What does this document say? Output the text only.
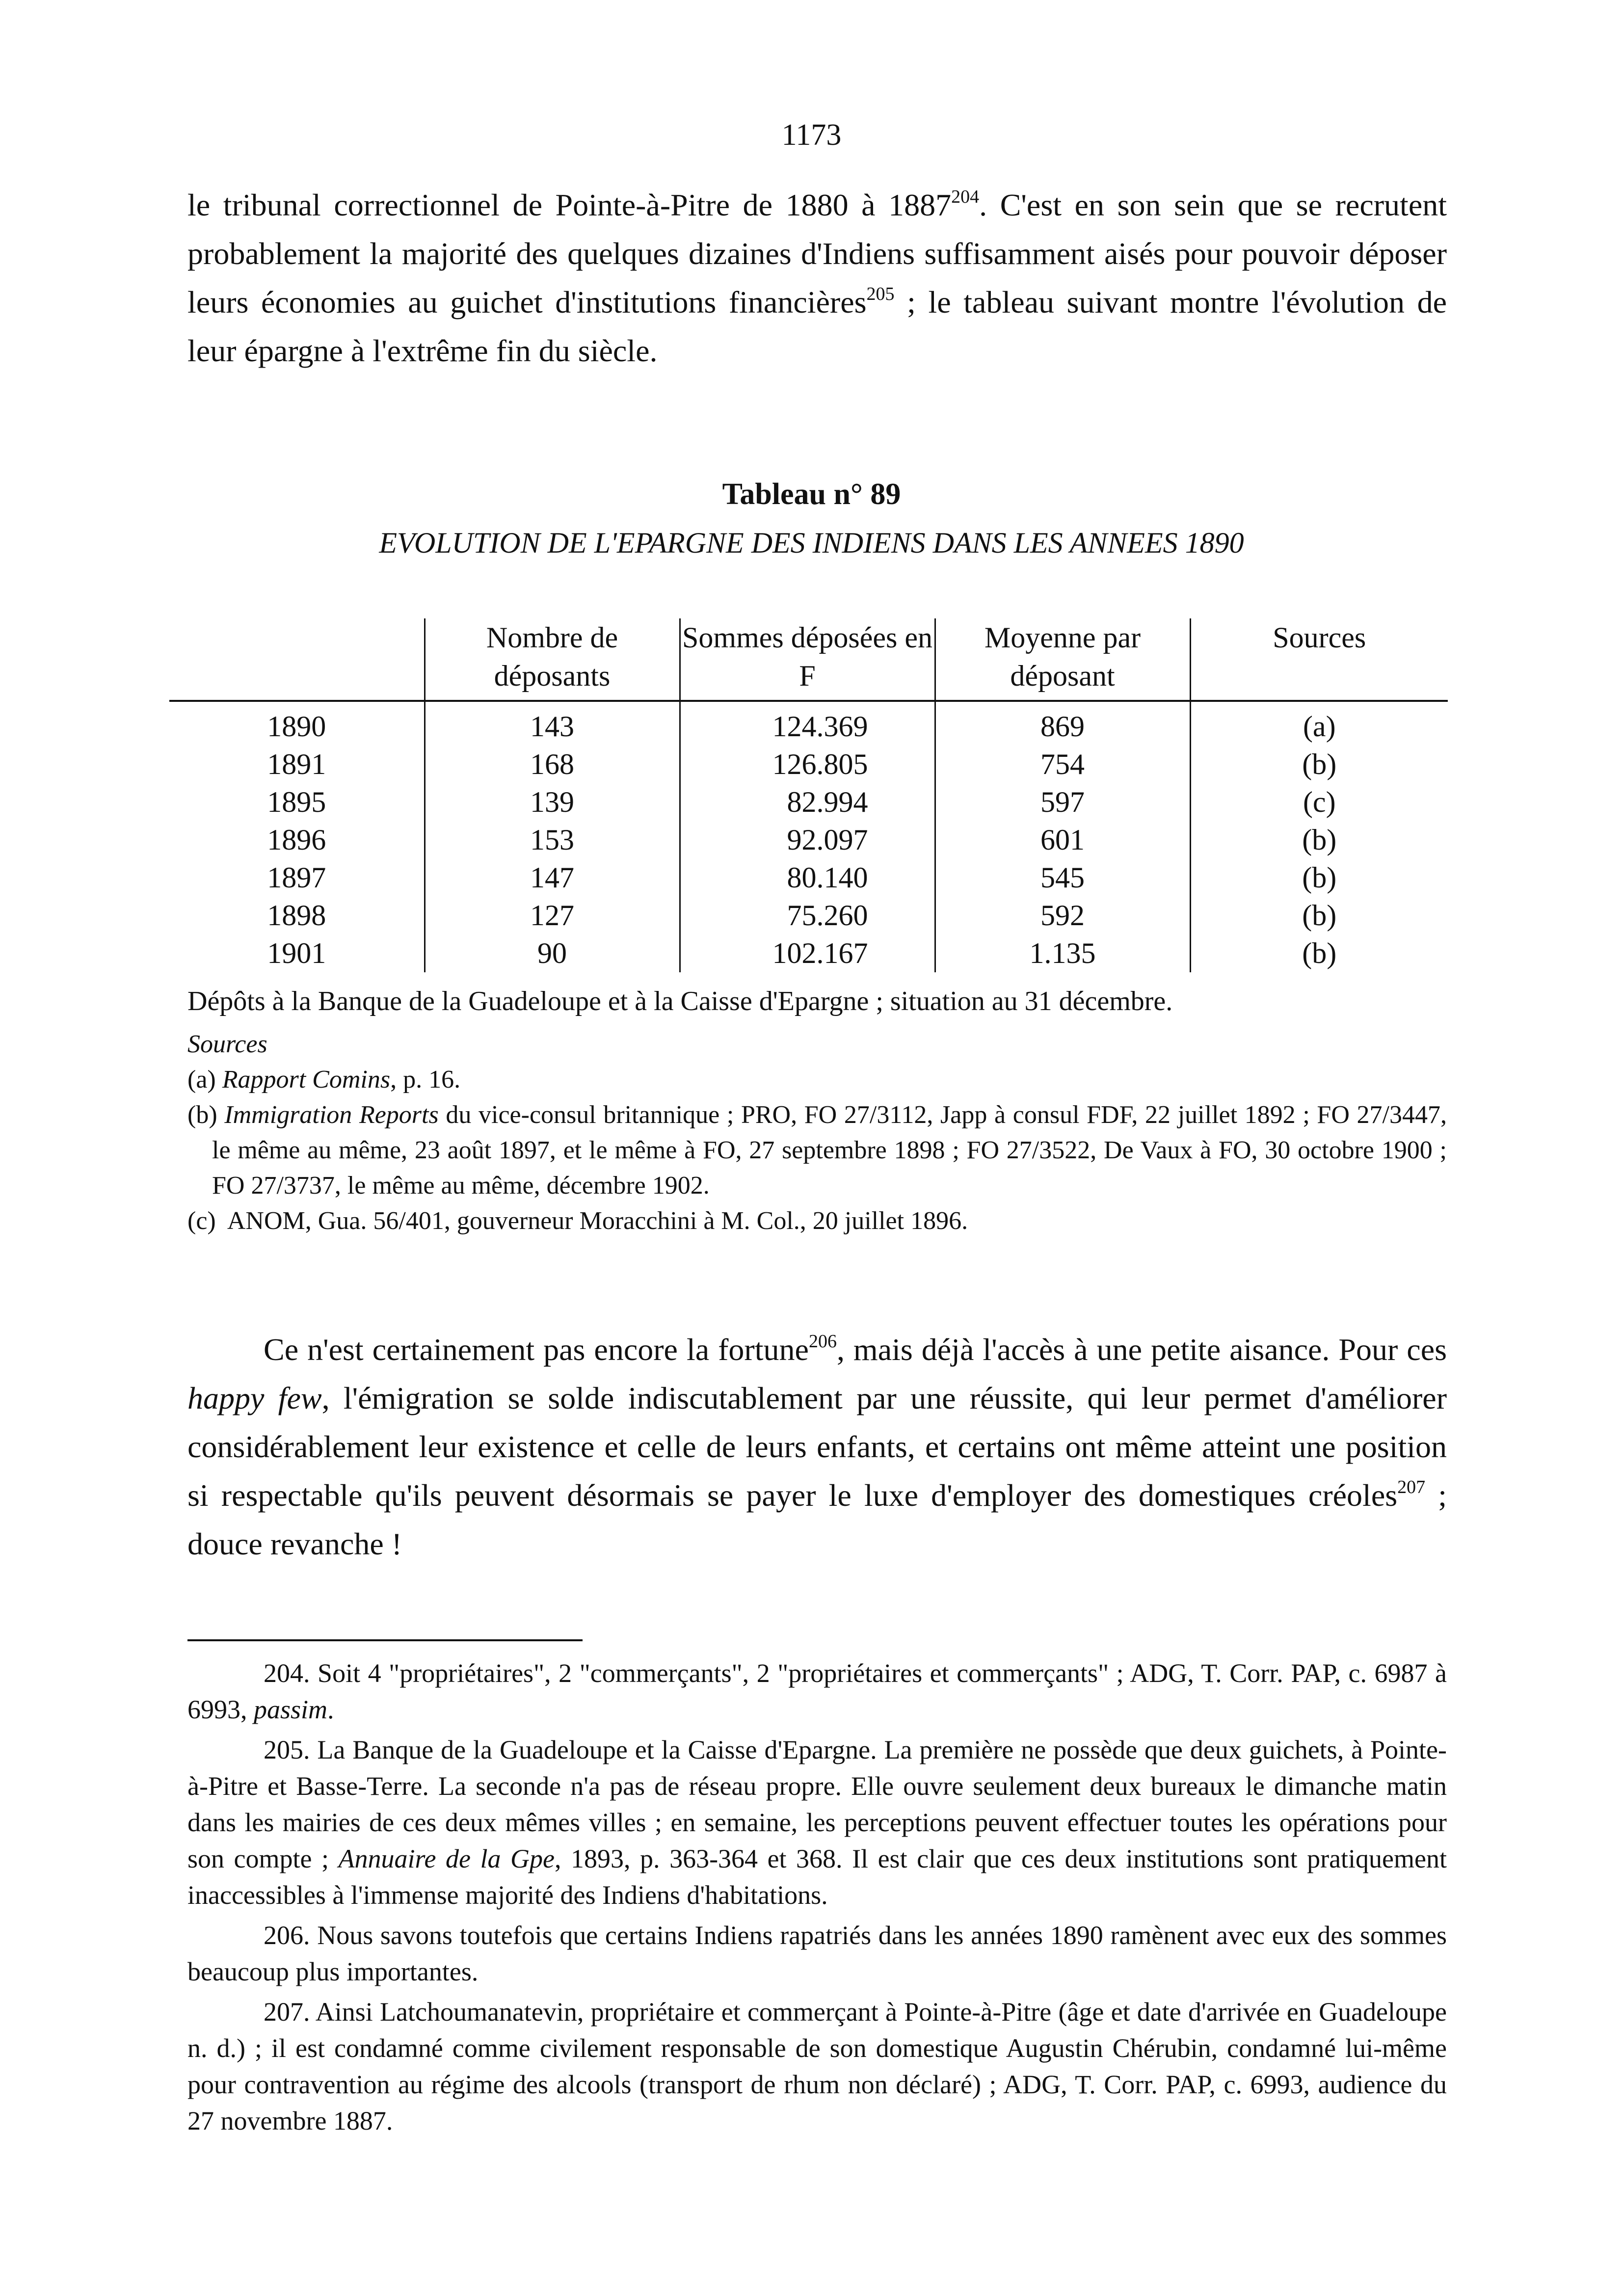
1173

le tribunal correctionnel de Pointe-à-Pitre de 1880 à 1887$^{204}$. C'est en son sein que se recrutent probablement la majorité des quelques dizaines d'Indiens suffisamment aisés pour pouvoir déposer leurs économies au guichet d'institutions financières$^{205}$ ; le tableau suivant montre l'évolution de leur épargne à l'extrême fin du siècle.

Tableau n° 89
EVOLUTION DE L'EPARGNE DES INDIENS DANS LES ANNEES 1890
	Nombre de déposants	Sommes déposées en F	Moyenne par déposant	Sources
1890	143	124.369	869	(a)
1891	168	126.805	754	(b)
1895	139	82.994	597	(c)
1896	153	92.097	601	(b)
1897	147	80.140	545	(b)
1898	127	75.260	592	(b)
1901	90	102.167	1.135	(b)

Dépôts à la Banque de la Guadeloupe et à la Caisse d'Epargne ; situation au 31 décembre.

Sources

(a) Rapport Comins, p. 16.

(b) Immigration Reports du vice-consul britannique ; PRO, FO 27/3112, Japp à consul FDF, 22 juillet 1892 ; FO 27/3447, le même au même, 23 août 1897, et le même à FO, 27 septembre 1898 ; FO 27/3522, De Vaux à FO, 30 octobre 1900 ; FO 27/3737, le même au même, décembre 1902.

(c) ANOM, Gua. 56/401, gouverneur Moracchini à M. Col., 20 juillet 1896.

Ce n'est certainement pas encore la fortune$^{206}$, mais déjà l'accès à une petite aisance. Pour ces happy few, l'émigration se solde indiscutablement par une réussite, qui leur permet d'améliorer considérablement leur existence et celle de leurs enfants, et certains ont même atteint une position si respectable qu'ils peuvent désormais se payer le luxe d'employer des domestiques créoles$^{207}$ ; douce revanche !

204. Soit 4 "propriétaires", 2 "commerçants", 2 "propriétaires et commerçants" ; ADG, T. Corr. PAP, c. 6987 à 6993, passim.

205. La Banque de la Guadeloupe et la Caisse d'Epargne. La première ne possède que deux guichets, à Pointe-à-Pitre et Basse-Terre. La seconde n'a pas de réseau propre. Elle ouvre seulement deux bureaux le dimanche matin dans les mairies de ces deux mêmes villes ; en semaine, les perceptions peuvent effectuer toutes les opérations pour son compte ; Annuaire de la Gpe, 1893, p. 363-364 et 368. Il est clair que ces deux institutions sont pratiquement inaccessibles à l'immense majorité des Indiens d'habitations.

206. Nous savons toutefois que certains Indiens rapatriés dans les années 1890 ramènent avec eux des sommes beaucoup plus importantes.

207. Ainsi Latchoumanatevin, propriétaire et commerçant à Pointe-à-Pitre (âge et date d'arrivée en Guadeloupe n. d.) ; il est condamné comme civilement responsable de son domestique Augustin Chérubin, condamné lui-même pour contravention au régime des alcools (transport de rhum non déclaré) ; ADG, T. Corr. PAP, c. 6993, audience du 27 novembre 1887.
